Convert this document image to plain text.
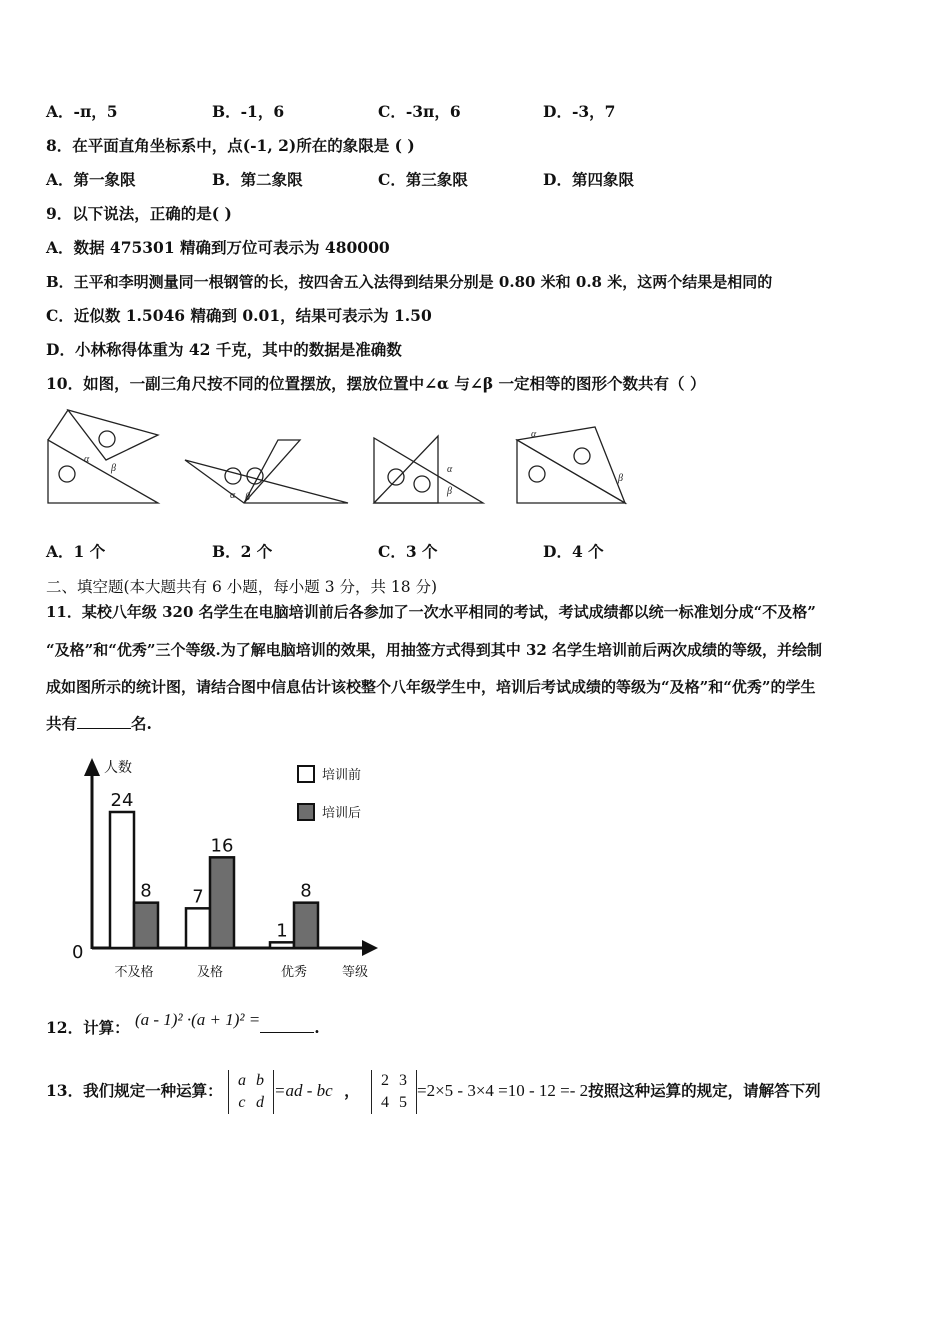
A．-π，5	B．-1，6	C．-3π，6	D．-3，7
8．在平面直角坐标系中，点(-1, 2)所在的象限是 ( )
A．第一象限	B．第二象限	C．第三象限	D．第四象限
9．以下说法，正确的是( )
A．数据 475301 精确到万位可表示为 480000
B．王平和李明测量同一根钢管的长，按四舍五入法得到结果分别是 0.80 米和 0.8 米，这两个结果是相同的
C．近似数 1.5046 精确到 0.01，结果可表示为 1.50
D．小林称得体重为 42 千克，其中的数据是准确数
10．如图，一副三角尺按不同的位置摆放，摆放位置中∠α 与∠β 一定相等的图形个数共有（ ）
α
β
α β
α
β
α
β
A．1 个	B．2 个	C．3 个	D．4 个
二、填空题(本大题共有 6 小题，每小题 3 分，共 18 分)
11．某校八年级 320 名学生在电脑培训前后各参加了一次水平相同的考试，考试成绩都以统一标准划分成“不及格”
“及格”和“优秀”三个等级.为了解电脑培训的效果，用抽签方式得到其中 32 名学生培训前后两次成绩的等级，并绘制
成如图所示的统计图，请结合图中信息估计该校整个八年级学生中，培训后考试成绩的等级为“及格”和“优秀”的学生
共有	名.
人数
0
等级
培训前
培训后
24
8
不及格
7
16
及格
1
8
优秀
12．计算： (a - 1)² ·(a + 1)² =	.
13．我们规定一种运算： a b
c d=ad - bc ， 2 3
4 5=2×5 - 3×4 =10 - 12 =- 2按照这种运算的规定，请解答下列
